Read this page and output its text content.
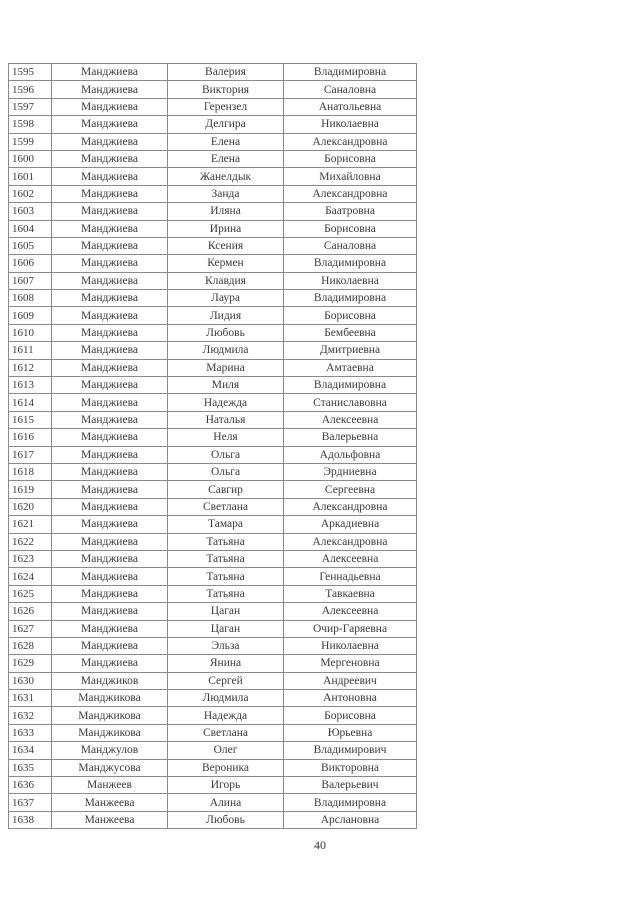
1595	Манджиева	Валерия	Владимировна
1596	Манджиева	Виктория	Саналовна
1597	Манджиева	Герензел	Анатольевна
1598	Манджиева	Делгира	Николаевна
1599	Манджиева	Елена	Александровна
1600	Манджиева	Елена	Борисовна
1601	Манджиева	Жанелдык	Михайловна
1602	Манджиева	Занда	Александровна
1603	Манджиева	Иляна	Баатровна
1604	Манджиева	Ирина	Борисовна
1605	Манджиева	Ксения	Саналовна
1606	Манджиева	Кермен	Владимировна
1607	Манджиева	Клавдия	Николаевна
1608	Манджиева	Лаура	Владимировна
1609	Манджиева	Лидия	Борисовна
1610	Манджиева	Любовь	Бембеевна
1611	Манджиева	Людмила	Дмитриевна
1612	Манджиева	Марина	Амтаевна
1613	Манджиева	Миля	Владимировна
1614	Манджиева	Надежда	Станиславовна
1615	Манджиева	Наталья	Алексеевна
1616	Манджиева	Неля	Валерьевна
1617	Манджиева	Ольга	Адольфовна
1618	Манджиева	Ольга	Эрдниевна
1619	Манджиева	Савгир	Сергеевна
1620	Манджиева	Светлана	Александровна
1621	Манджиева	Тамара	Аркадиевна
1622	Манджиева	Татьяна	Александровна
1623	Манджиева	Татьяна	Алексеевна
1624	Манджиева	Татьяна	Геннадьевна
1625	Манджиева	Татьяна	Тавкаевна
1626	Манджиева	Цаган	Алексеевна
1627	Манджиева	Цаган	Очир-Гаряевна
1628	Манджиева	Эльза	Николаевна
1629	Манджиева	Янина	Мергеновна
1630	Манджиков	Сергей	Андреевич
1631	Манджикова	Людмила	Антоновна
1632	Манджикова	Надежда	Борисовна
1633	Манджикова	Светлана	Юрьевна
1634	Манджулов	Олег	Владимирович
1635	Манджусова	Вероника	Викторовна
1636	Манжеев	Игорь	Валерьевич
1637	Манжеева	Алина	Владимировна
1638	Манжеева	Любовь	Арслановна
40
